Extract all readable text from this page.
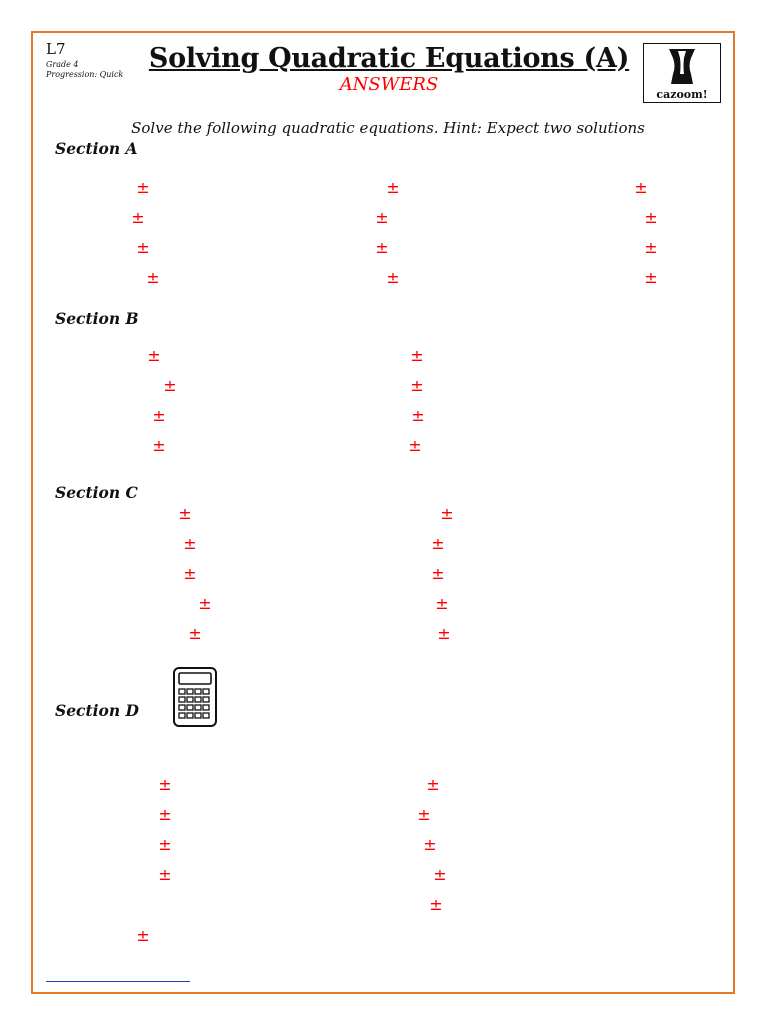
L7
Grade 4
Progression: Quick
Solving Quadratic Equations (A)
ANSWERS	cazoom!
Solve the following quadratic equations. Hint: Expect two solutions
Section A
Section B
Section C
Section D
±	±	±
±	±	±
±	±	±
±	±	±
±	±
±	±
±	±
±	±
±	±
±	±
±	±
±	±
±	±
±	±
±	±
±	±
±	±
±
±
